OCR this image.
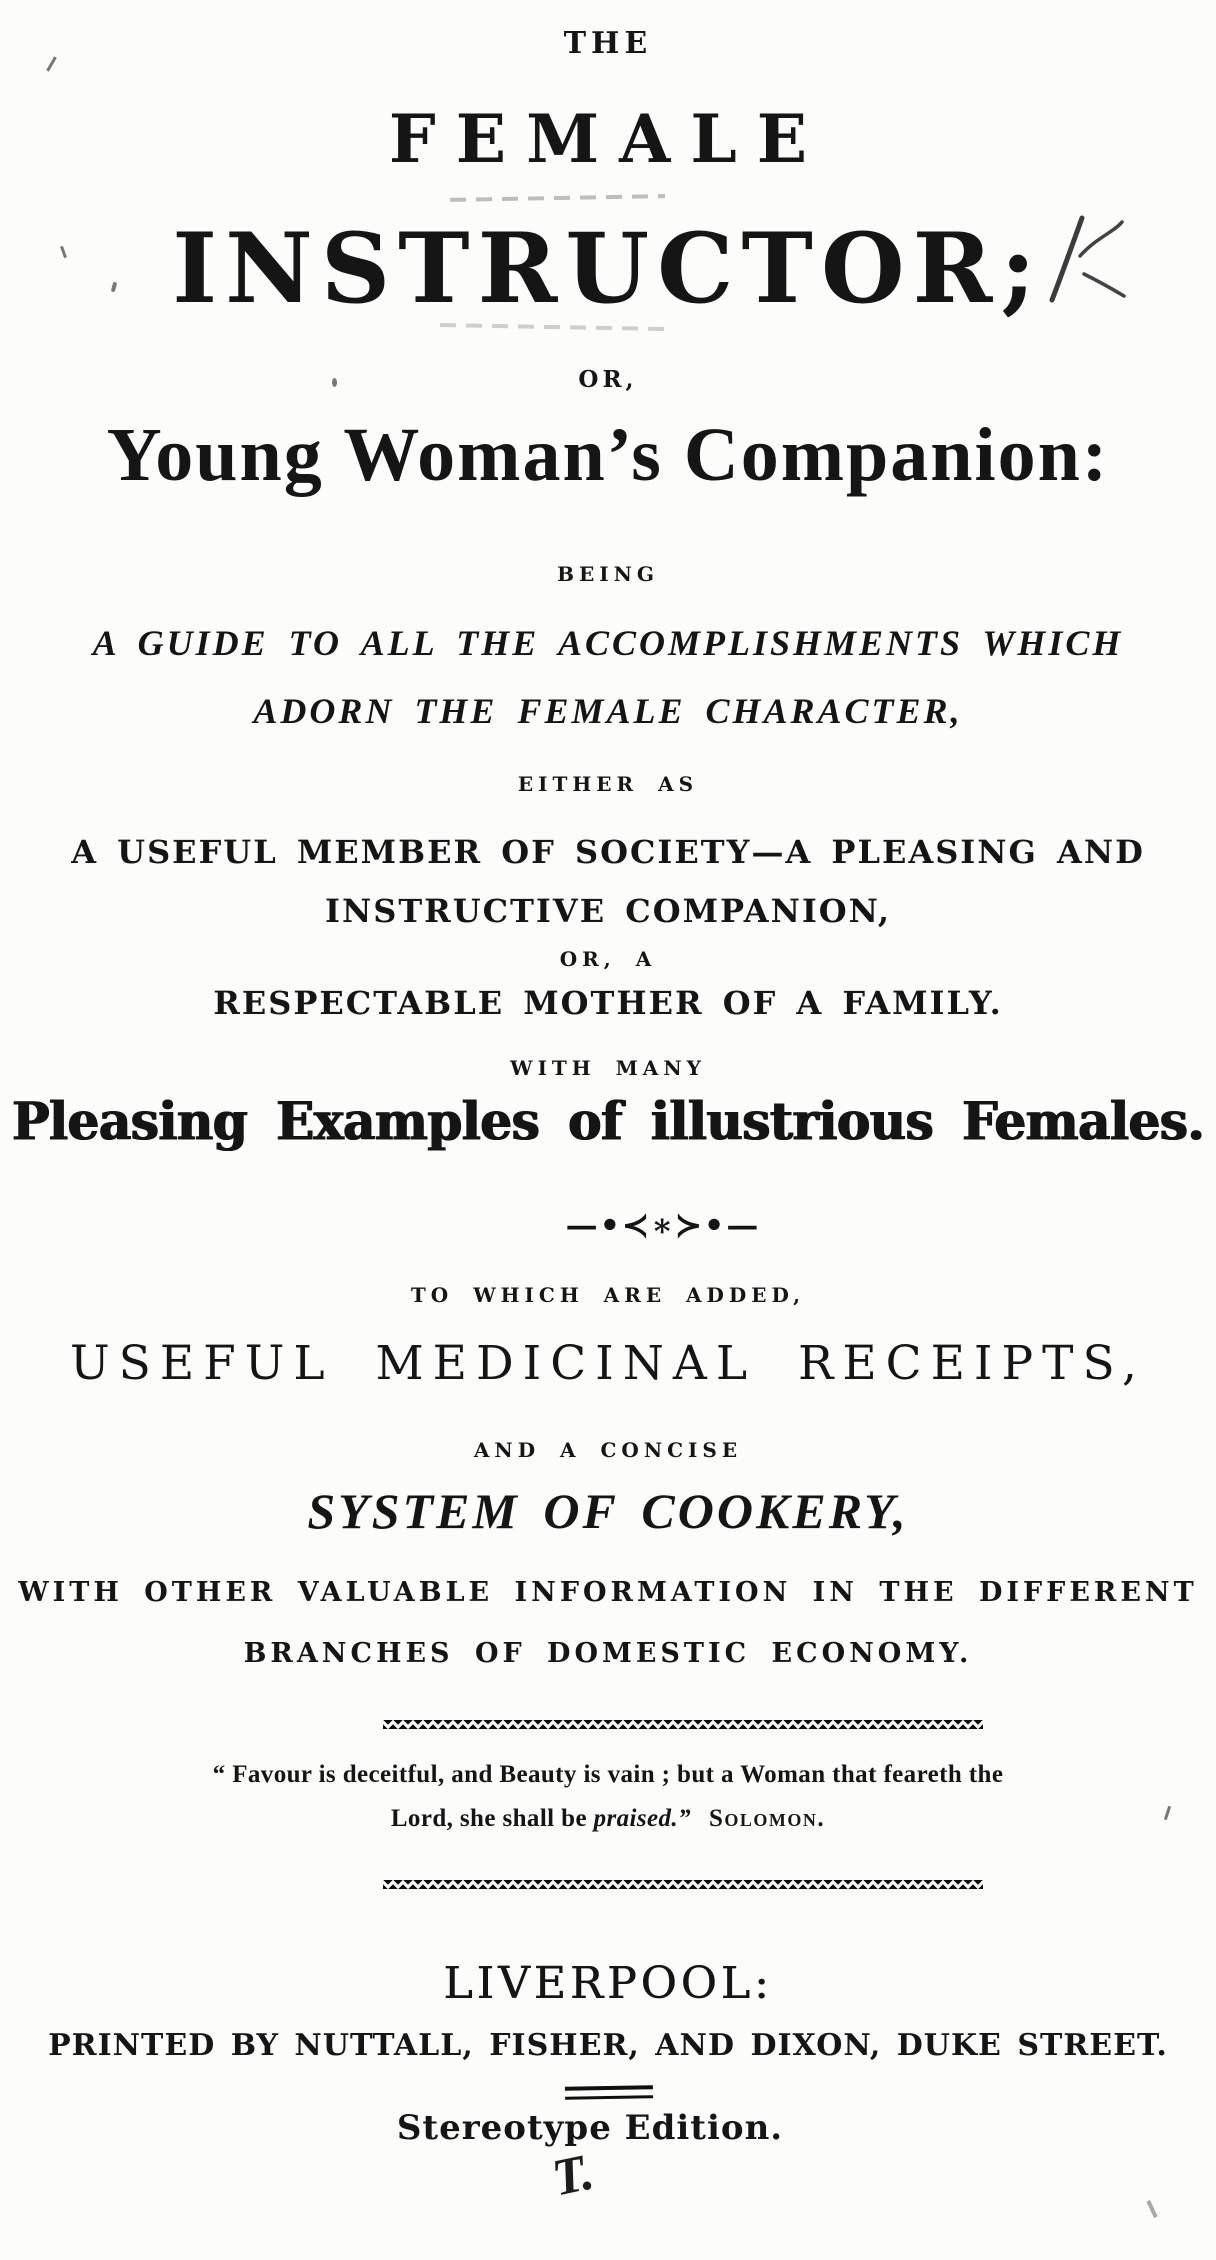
THE
FEMALE
INSTRUCTOR;
OR,
Young Woman’s Companion:
BEING
A GUIDE TO ALL THE ACCOMPLISHMENTS WHICH
ADORN THE FEMALE CHARACTER,
EITHER AS
A USEFUL MEMBER OF SOCIETY—A PLEASING AND
INSTRUCTIVE COMPANION,
OR, A
RESPECTABLE MOTHER OF A FAMILY.
WITH MANY
Pleasing Examples of illustrious Females.
—•≺∗≻•—
TO WHICH ARE ADDED,
USEFUL MEDICINAL RECEIPTS,
AND A CONCISE
SYSTEM OF COOKERY,
WITH OTHER VALUABLE INFORMATION IN THE DIFFERENT
BRANCHES OF DOMESTIC ECONOMY.
“ Favour is deceitful, and Beauty is vain ; but a Woman that feareth the
Lord, she shall be praised.” Solomon.
LIVERPOOL:
PRINTED BY NUTTALL, FISHER, AND DIXON, DUKE STREET.
Stereotype Edition.
T.
